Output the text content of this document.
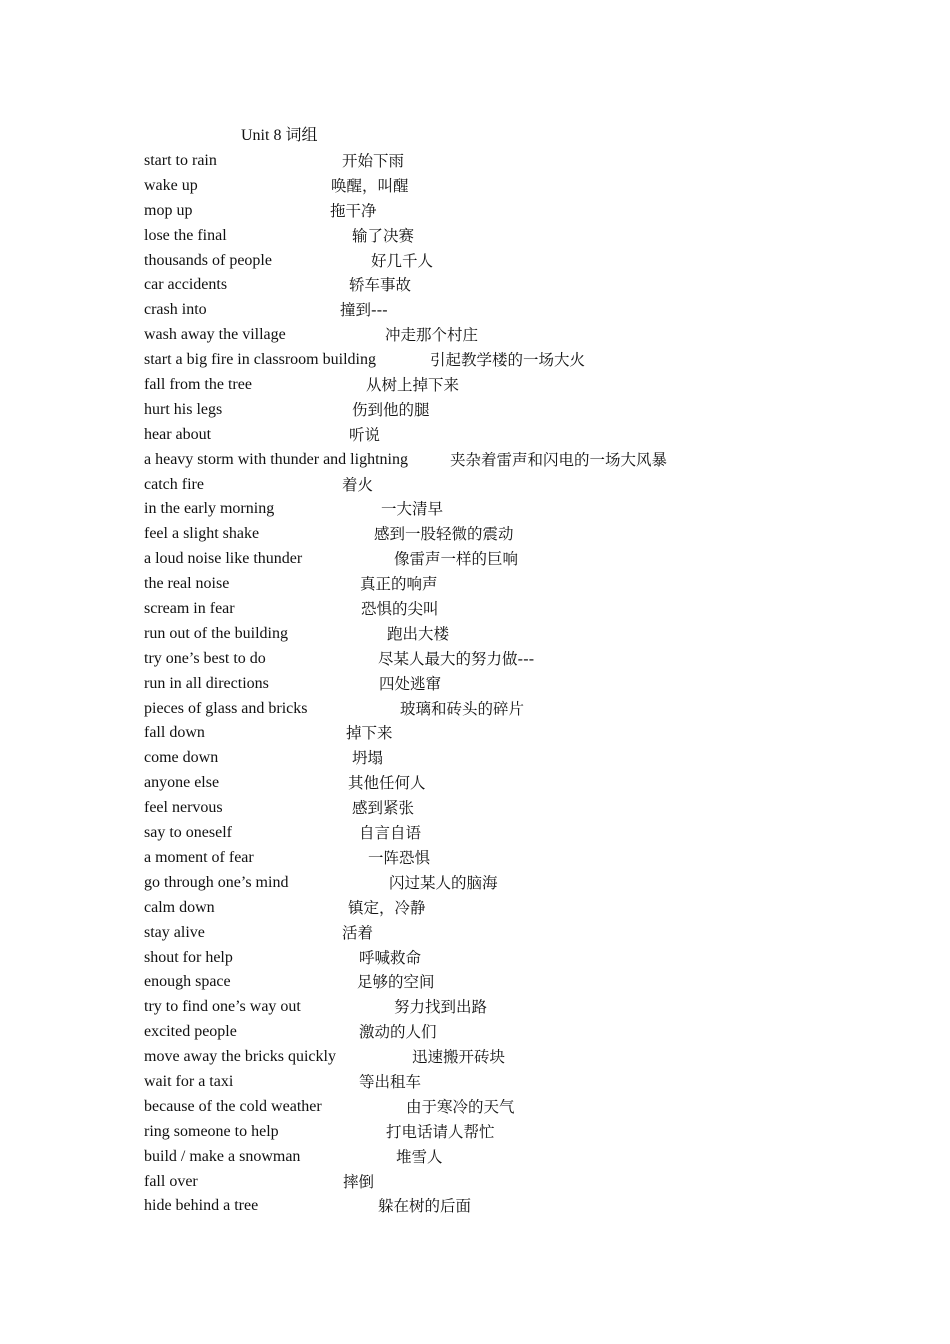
Unit 8 词组
start to rain	开始下雨
wake up	唤醒，叫醒
mop up	拖干净
lose the final	输了决赛
thousands of people	好几千人
car accidents	轿车事故
crash into	撞到---
wash away the village	冲走那个村庄
start a big fire in classroom building	引起教学楼的一场大火
fall from the tree	从树上掉下来
hurt his legs	伤到他的腿
hear about	听说
a heavy storm with thunder and lightning	夹杂着雷声和闪电的一场大风暴
catch fire	着火
in the early morning	一大清早
feel a slight shake	感到一股轻微的震动
a loud noise like thunder	像雷声一样的巨响
the real noise	真正的响声
scream in fear	恐惧的尖叫
run out of the building	跑出大楼
try one’s best to do	尽某人最大的努力做---
run in all directions	四处逃窜
pieces of glass and bricks	玻璃和砖头的碎片
fall down	掉下来
come down	坍塌
anyone else	其他任何人
feel nervous	感到紧张
say to oneself	自言自语
a moment of fear	一阵恐惧
go through one’s mind	闪过某人的脑海
calm down	镇定，冷静
stay alive	活着
shout for help	呼喊救命
enough space	足够的空间
try to find one’s way out	努力找到出路
excited people	激动的人们
move away the bricks quickly	迅速搬开砖块
wait for a taxi	等出租车
because of the cold weather	由于寒冷的天气
ring someone to help	打电话请人帮忙
build / make a snowman	堆雪人
fall over	摔倒
hide behind a tree	躲在树的后面
